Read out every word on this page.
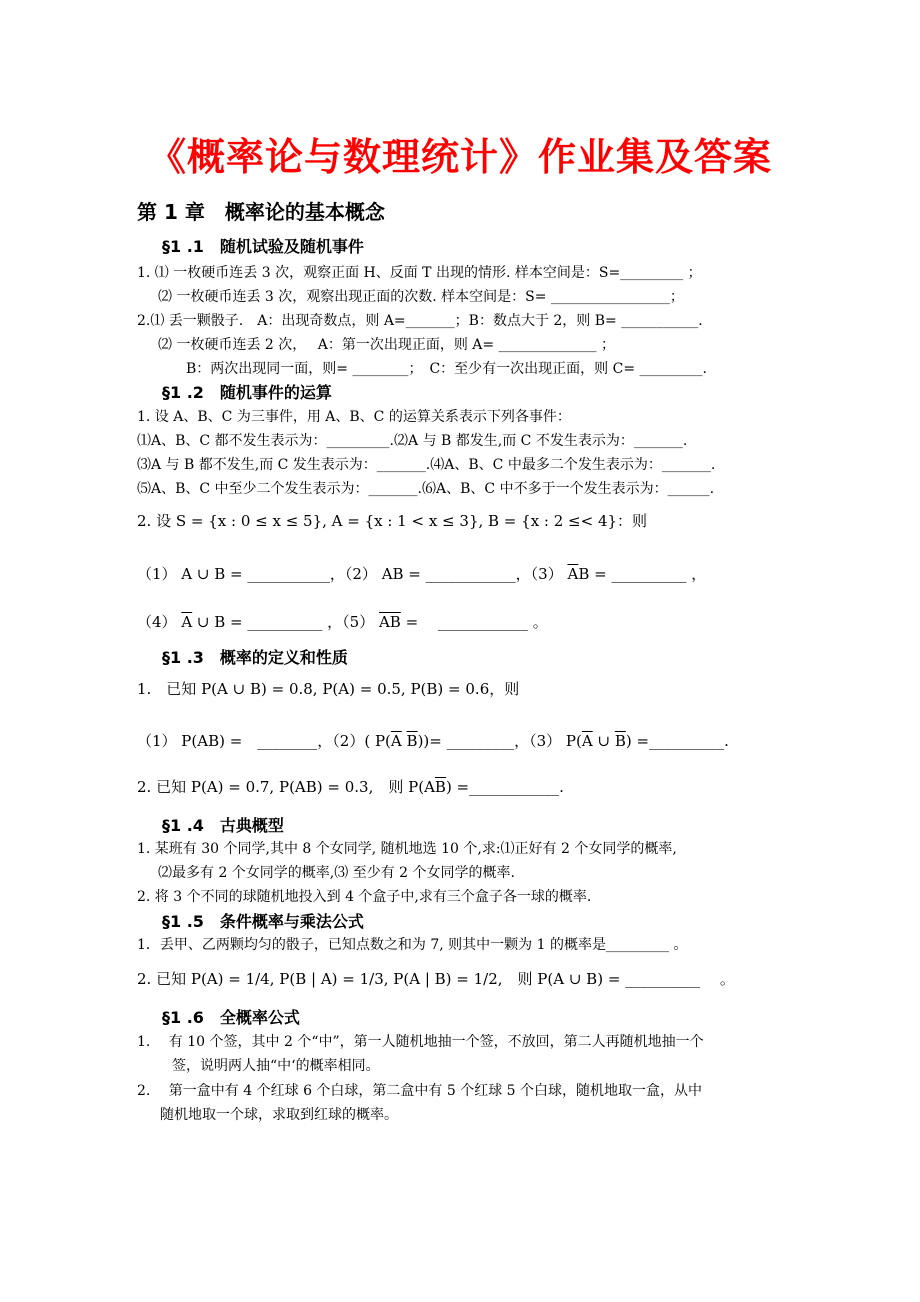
《概率论与数理统计》作业集及答案
第 1 章　概率论的基本概念
§1 .1　随机试验及随机事件
1. ⑴ 一枚硬币连丢 3 次，观察正面 H、反面 T 出现的情形. 样本空间是：S=_________ ；
⑵ 一枚硬币连丢 3 次，观察出现正面的次数. 样本空间是：S= _________________；
2.⑴ 丢一颗骰子.　A：出现奇数点，则 A=_______；B：数点大于 2，则 B= ___________.
⑵ 一枚硬币连丢 2 次，　 A：第一次出现正面，则 A= ______________ ；
B：两次出现同一面，则= ________；　C：至少有一次出现正面，则 C= _________.
§1 .2　随机事件的运算
1. 设 A、B、C 为三事件，用 A、B、C 的运算关系表示下列各事件：
⑴A、B、C 都不发生表示为：_________.⑵A 与 B 都发生,而 C 不发生表示为：_______.
⑶A 与 B 都不发生,而 C 发生表示为：_______.⑷A、B、C 中最多二个发生表示为：_______.
⑸A、B、C 中至少二个发生表示为：_______.⑹A、B、C 中不多于一个发生表示为：______.
2. 设 S = {x : 0 ≤ x ≤ 5}, A = {x : 1 < x ≤ 3}, B = {x : 2 ≤< 4}：则
（1） A ∪ B = ___________，（2） AB = ____________，（3） $\overline{A}B$ = __________ ，
（4） $\overline{A}$ ∪ B = __________ ，（5） $\overline{AB}$ =　 ____________ 。
§1 .3　概率的定义和性质
1.　已知 P(A ∪ B) = 0.8, P(A) = 0.5, P(B) = 0.6，则
（1） P(AB) =　________，（2）( $P(\overline{A}$ $\overline{B}))=$ _________，（3） $P(\overline{A}$ ∪ $\overline{B}$) =__________.
2. 已知 P(A) = 0.7, P(AB) = 0.3,　则 $P(A\overline{B})$ =____________.
§1 .4　古典概型
1. 某班有 30 个同学,其中 8 个女同学, 随机地选 10 个,求:⑴正好有 2 个女同学的概率,
⑵最多有 2 个女同学的概率,⑶ 至少有 2 个女同学的概率.
2. 将 3 个不同的球随机地投入到 4 个盒子中,求有三个盒子各一球的概率.
§1 .5　条件概率与乘法公式
1．丢甲、乙两颗均匀的骰子，已知点数之和为 7, 则其中一颗为 1 的概率是_________ 。
2. 已知 P(A) = 1/4, P(B | A) = 1/3, P(A | B) = 1/2,　则 P(A ∪ B) = __________　 。
§1 .6　全概率公式
1.　 有 10 个签，其中 2 个“中”，第一人随机地抽一个签，不放回，第二人再随机地抽一个
签，说明两人抽“中‘的概率相同。
2.　 第一盒中有 4 个红球 6 个白球，第二盒中有 5 个红球 5 个白球，随机地取一盒，从中
随机地取一个球，求取到红球的概率。
